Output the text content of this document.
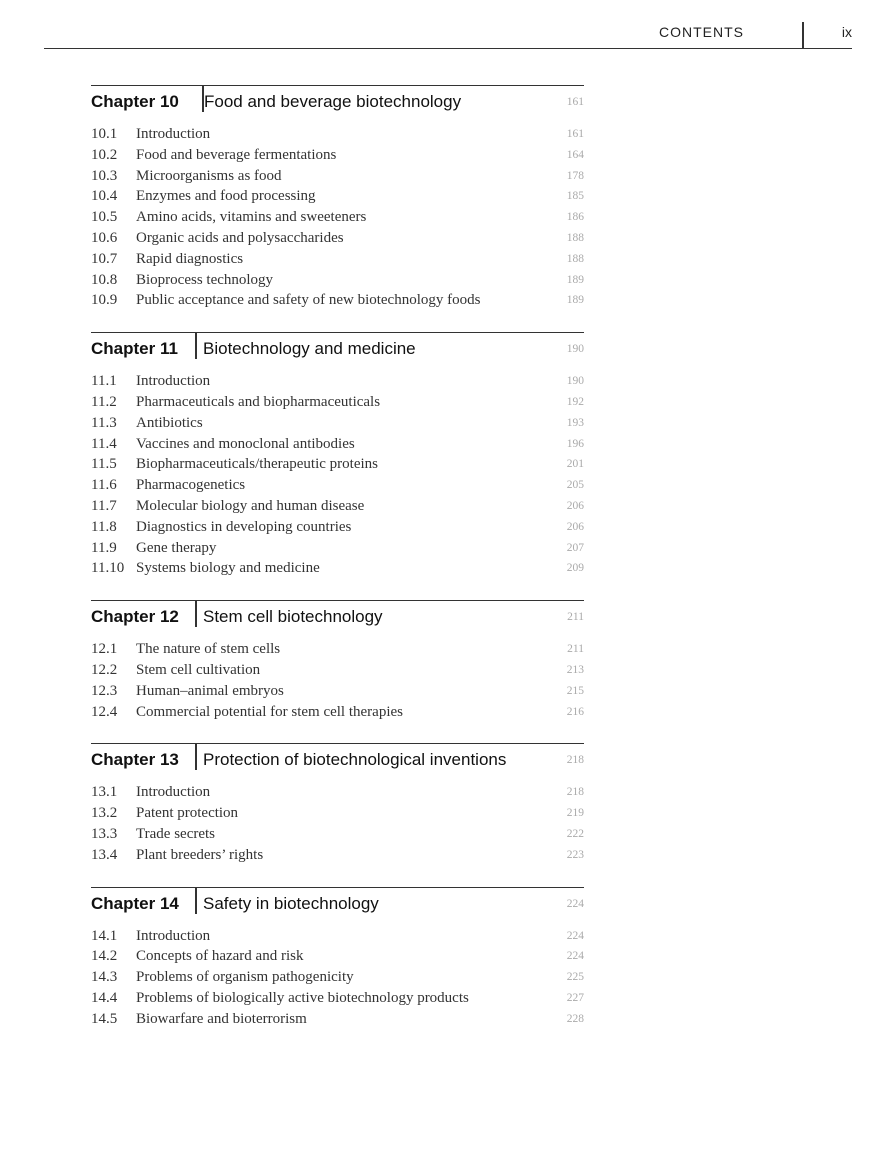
CONTENTS	ix
Chapter 10 Food and beverage biotechnology	161
10.1	Introduction	161
10.2	Food and beverage fermentations	164
10.3	Microorganisms as food	178
10.4	Enzymes and food processing	185
10.5	Amino acids, vitamins and sweeteners	186
10.6	Organic acids and polysaccharides	188
10.7	Rapid diagnostics	188
10.8	Bioprocess technology	189
10.9	Public acceptance and safety of new biotechnology foods	189
Chapter 11 Biotechnology and medicine	190
11.1	Introduction	190
11.2	Pharmaceuticals and biopharmaceuticals	192
11.3	Antibiotics	193
11.4	Vaccines and monoclonal antibodies	196
11.5	Biopharmaceuticals/therapeutic proteins	201
11.6	Pharmacogenetics	205
11.7	Molecular biology and human disease	206
11.8	Diagnostics in developing countries	206
11.9	Gene therapy	207
11.10 Systems biology and medicine	209
Chapter 12 Stem cell biotechnology	211
12.1	The nature of stem cells	211
12.2	Stem cell cultivation	213
12.3	Human–animal embryos	215
12.4	Commercial potential for stem cell therapies	216
Chapter 13 Protection of biotechnological inventions	218
13.1	Introduction	218
13.2	Patent protection	219
13.3	Trade secrets	222
13.4	Plant breeders’ rights	223
Chapter 14 Safety in biotechnology	224
14.1	Introduction	224
14.2	Concepts of hazard and risk	224
14.3	Problems of organism pathogenicity	225
14.4	Problems of biologically active biotechnology products	227
14.5	Biowarfare and bioterrorism	228
